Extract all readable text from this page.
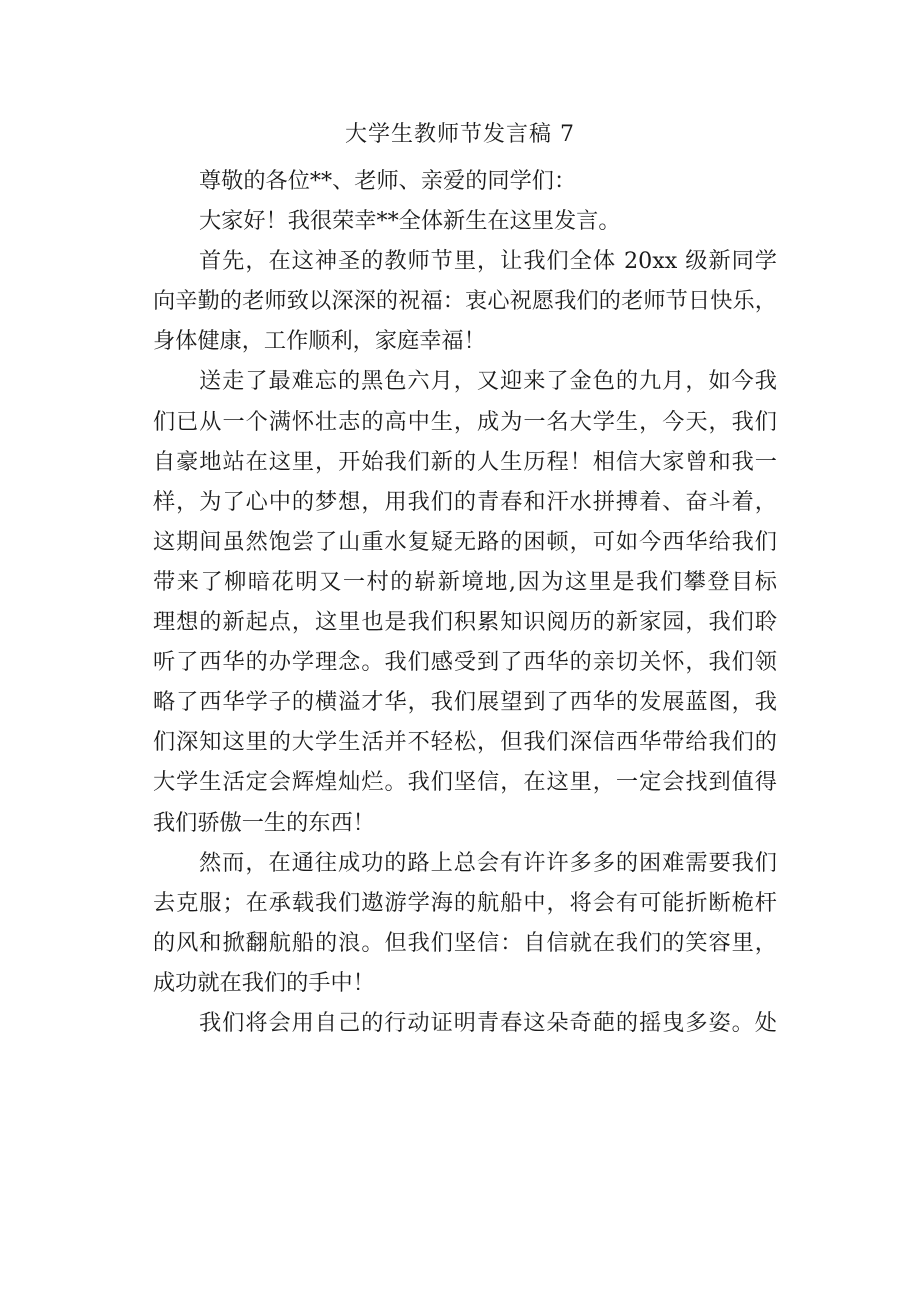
大学生教师节发言稿 7
尊敬的各位**、老师、亲爱的同学们：
大家好！我很荣幸**全体新生在这里发言。
首先，在这神圣的教师节里，让我们全体 20xx 级新同学
向辛勤的老师致以深深的祝福：衷心祝愿我们的老师节日快乐，
身体健康，工作顺利，家庭幸福！
送走了最难忘的黑色六月，又迎来了金色的九月，如今我
们已从一个满怀壮志的高中生，成为一名大学生，今天，我们
自豪地站在这里，开始我们新的人生历程！相信大家曾和我一
样，为了心中的梦想，用我们的青春和汗水拼搏着、奋斗着，
这期间虽然饱尝了山重水复疑无路的困顿，可如今西华给我们
带来了柳暗花明又一村的崭新境地,因为这里是我们攀登目标
理想的新起点，这里也是我们积累知识阅历的新家园，我们聆
听了西华的办学理念。我们感受到了西华的亲切关怀，我们领
略了西华学子的横溢才华，我们展望到了西华的发展蓝图，我
们深知这里的大学生活并不轻松，但我们深信西华带给我们的
大学生活定会辉煌灿烂。我们坚信，在这里，一定会找到值得
我们骄傲一生的东西！
然而，在通往成功的路上总会有许许多多的困难需要我们
去克服；在承载我们遨游学海的航船中，将会有可能折断桅杆
的风和掀翻航船的浪。但我们坚信：自信就在我们的笑容里，
成功就在我们的手中！
我们将会用自己的行动证明青春这朵奇葩的摇曳多姿。处
